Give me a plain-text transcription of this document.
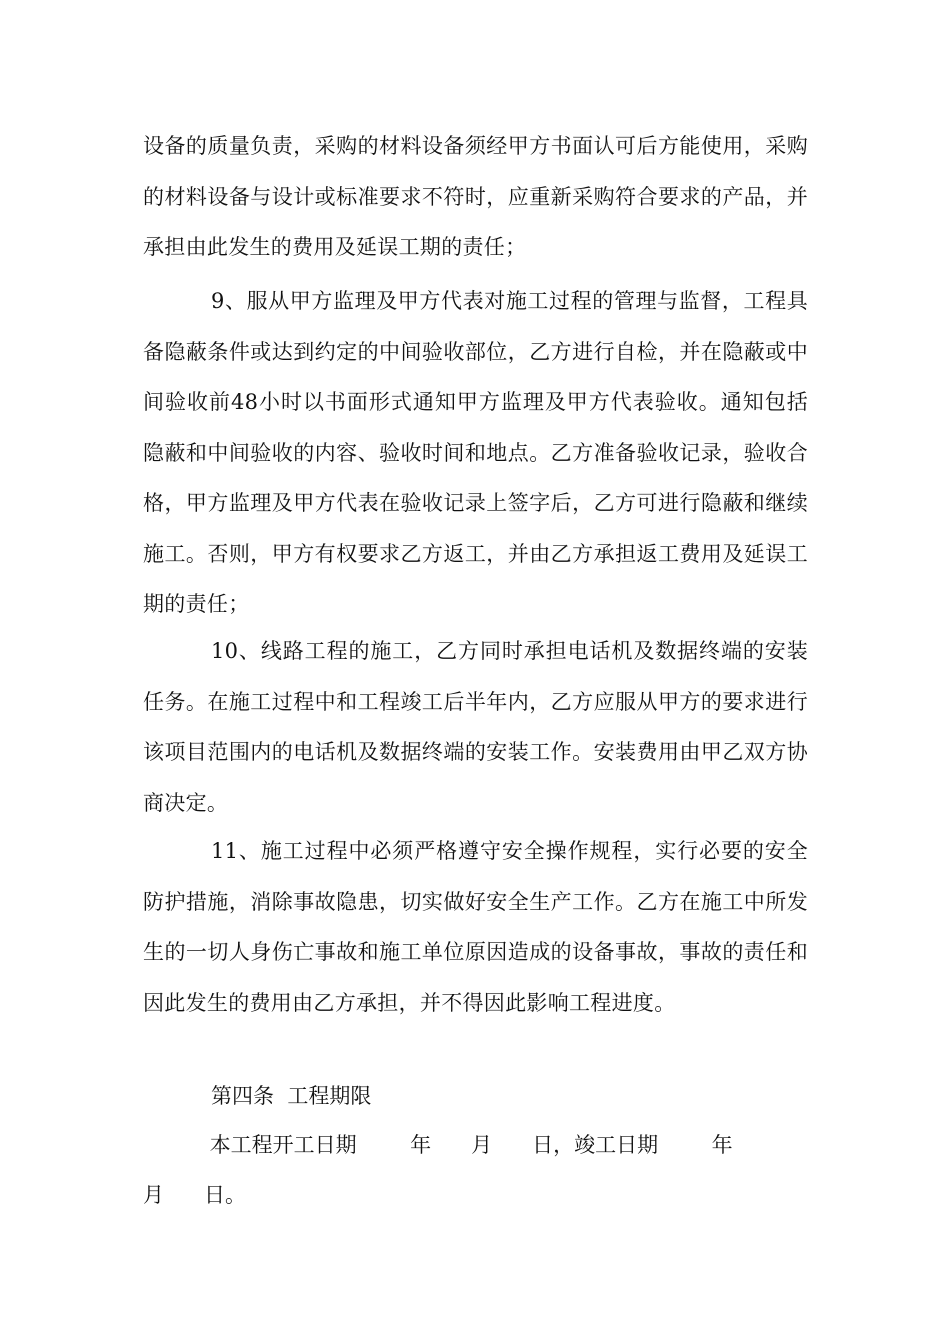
设备的质量负责，采购的材料设备须经甲方书面认可后方能使用，采购的材料设备与设计或标准要求不符时，应重新采购符合要求的产品，并承担由此发生的费用及延误工期的责任；

9、服从甲方监理及甲方代表对施工过程的管理与监督，工程具备隐蔽条件或达到约定的中间验收部位，乙方进行自检，并在隐蔽或中间验收前48小时以书面形式通知甲方监理及甲方代表验收。通知包括隐蔽和中间验收的内容、验收时间和地点。乙方准备验收记录，验收合格，甲方监理及甲方代表在验收记录上签字后，乙方可进行隐蔽和继续施工。否则，甲方有权要求乙方返工，并由乙方承担返工费用及延误工期的责任；

10、线路工程的施工，乙方同时承担电话机及数据终端的安装任务。在施工过程中和工程竣工后半年内，乙方应服从甲方的要求进行该项目范围内的电话机及数据终端的安装工作。安装费用由甲乙双方协商决定。

11、施工过程中必须严格遵守安全操作规程，实行必要的安全防护措施，消除事故隐患，切实做好安全生产工作。乙方在施工中所发生的一切人身伤亡事故和施工单位原因造成的设备事故，事故的责任和因此发生的费用由乙方承担，并不得因此影响工程进度。

第四条  工程期限

本工程开工日期        年      月      日，竣工日期        年

月      日。
